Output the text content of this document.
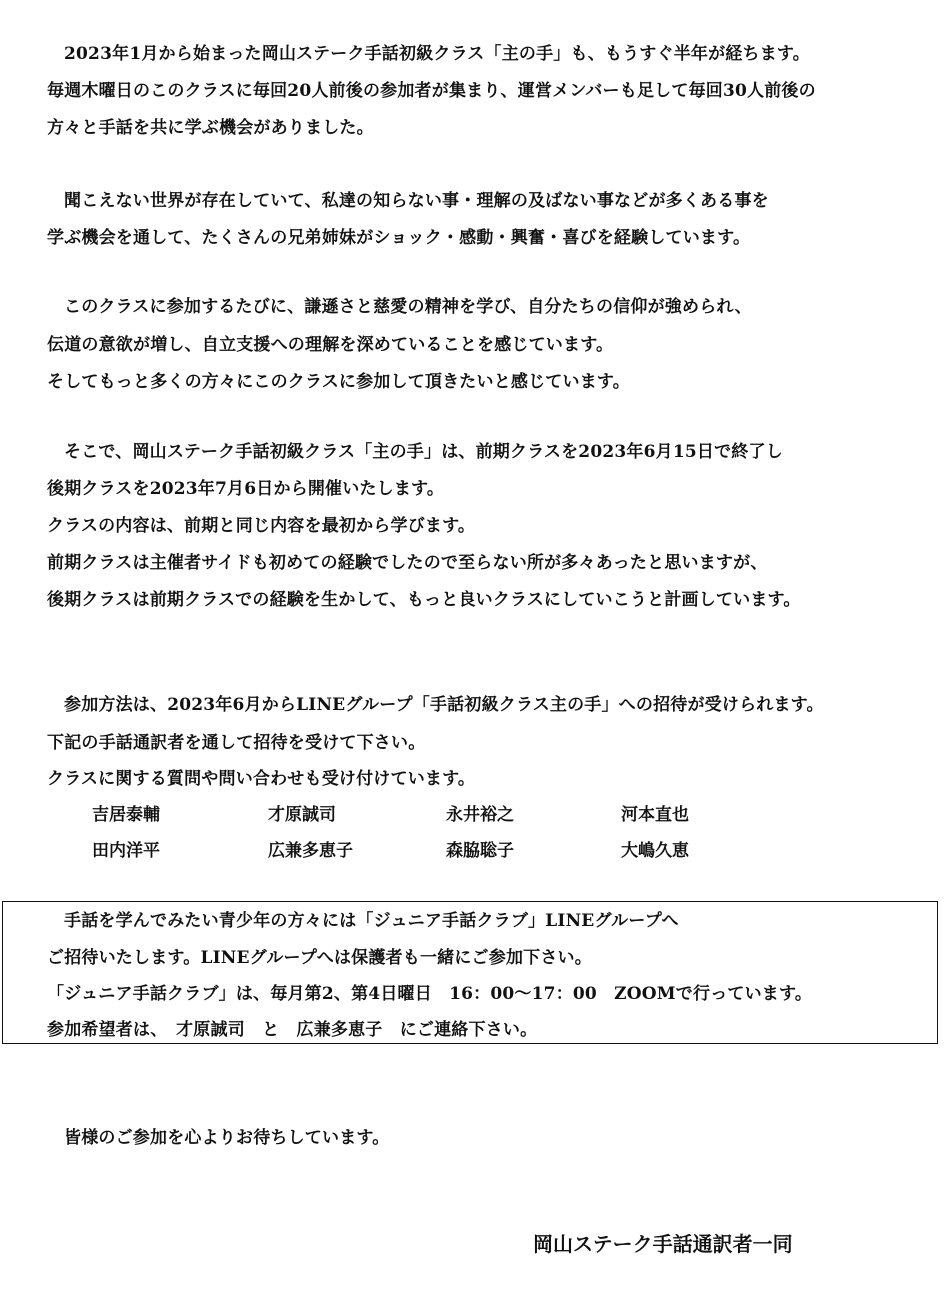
2023年1月から始まった岡山ステーク手話初級クラス「主の手」も、もうすぐ半年が経ちます。
毎週木曜日のこのクラスに毎回20人前後の参加者が集まり、運営メンバーも足して毎回30人前後の
方々と手話を共に学ぶ機会がありました。
聞こえない世界が存在していて、私達の知らない事・理解の及ばない事などが多くある事を
学ぶ機会を通して、たくさんの兄弟姉妹がショック・感動・興奮・喜びを経験しています。
このクラスに参加するたびに、謙遜さと慈愛の精神を学び、自分たちの信仰が強められ、
伝道の意欲が増し、自立支援への理解を深めていることを感じています。
そしてもっと多くの方々にこのクラスに参加して頂きたいと感じています。
そこで、岡山ステーク手話初級クラス「主の手」は、前期クラスを2023年6月15日で終了し
後期クラスを2023年7月6日から開催いたします。
クラスの内容は、前期と同じ内容を最初から学びます。
前期クラスは主催者サイドも初めての経験でしたので至らない所が多々あったと思いますが、
後期クラスは前期クラスでの経験を生かして、もっと良いクラスにしていこうと計画しています。
参加方法は、2023年6月からLINEグループ「手話初級クラス主の手」への招待が受けられます。
下記の手話通訳者を通して招待を受けて下さい。
クラスに関する質問や問い合わせも受け付けています。
吉居泰輔	才原誠司	永井裕之	河本直也
田内洋平	広兼多恵子	森脇聡子	大嶋久恵
手話を学んでみたい青少年の方々には「ジュニア手話クラブ」LINEグループへ
ご招待いたします。LINEグループへは保護者も一緒にご参加下さい。
「ジュニア手話クラブ」は、毎月第2、第4日曜日　16：00～17：00　ZOOMで行っています。
参加希望者は、　才原誠司　と　広兼多恵子　にご連絡下さい。
皆様のご参加を心よりお待ちしています。
岡山ステーク手話通訳者一同
